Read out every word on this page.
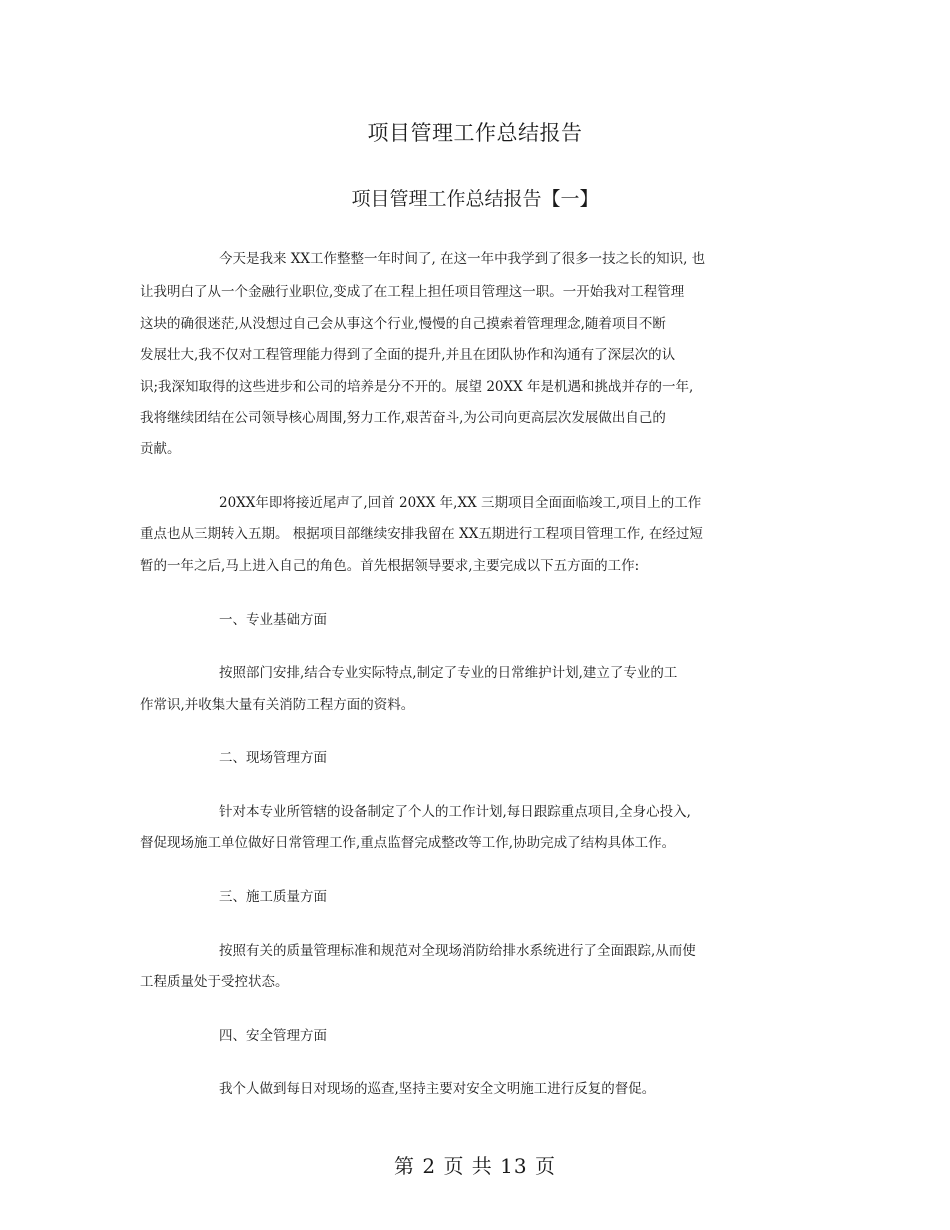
项目管理工作总结报告
项目管理工作总结报告【一】
今天是我来 XX工作整整一年时间了, 在这一年中我学到了很多一技之长的知识, 也
让我明白了从一个金融行业职位,变成了在工程上担任项目管理这一职。一开始我对工程管理
这块的确很迷茫,从没想过自己会从事这个行业,慢慢的自己摸索着管理理念,随着项目不断
发展壮大,我不仅对工程管理能力得到了全面的提升,并且在团队协作和沟通有了深层次的认
识;我深知取得的这些进步和公司的培养是分不开的。展望 20XX 年是机遇和挑战并存的一年,
我将继续团结在公司领导核心周围,努力工作,艰苦奋斗,为公司向更高层次发展做出自己的
贡献。
20XX年即将接近尾声了,回首 20XX 年,XX 三期项目全面面临竣工,项目上的工作
重点也从三期转入五期。 根据项目部继续安排我留在 XX五期进行工程项目管理工作, 在经过短
暂的一年之后,马上进入自己的角色。首先根据领导要求,主要完成以下五方面的工作:
一、专业基础方面
按照部门安排,结合专业实际特点,制定了专业的日常维护计划,建立了专业的工
作常识,并收集大量有关消防工程方面的资料。
二、现场管理方面
针对本专业所管辖的设备制定了个人的工作计划,每日跟踪重点项目,全身心投入,
督促现场施工单位做好日常管理工作,重点监督完成整改等工作,协助完成了结构具体工作。
三、施工质量方面
按照有关的质量管理标准和规范对全现场消防给排水系统进行了全面跟踪,从而使
工程质量处于受控状态。
四、安全管理方面
我个人做到每日对现场的巡查,坚持主要对安全文明施工进行反复的督促。
第 2 页 共 13 页
